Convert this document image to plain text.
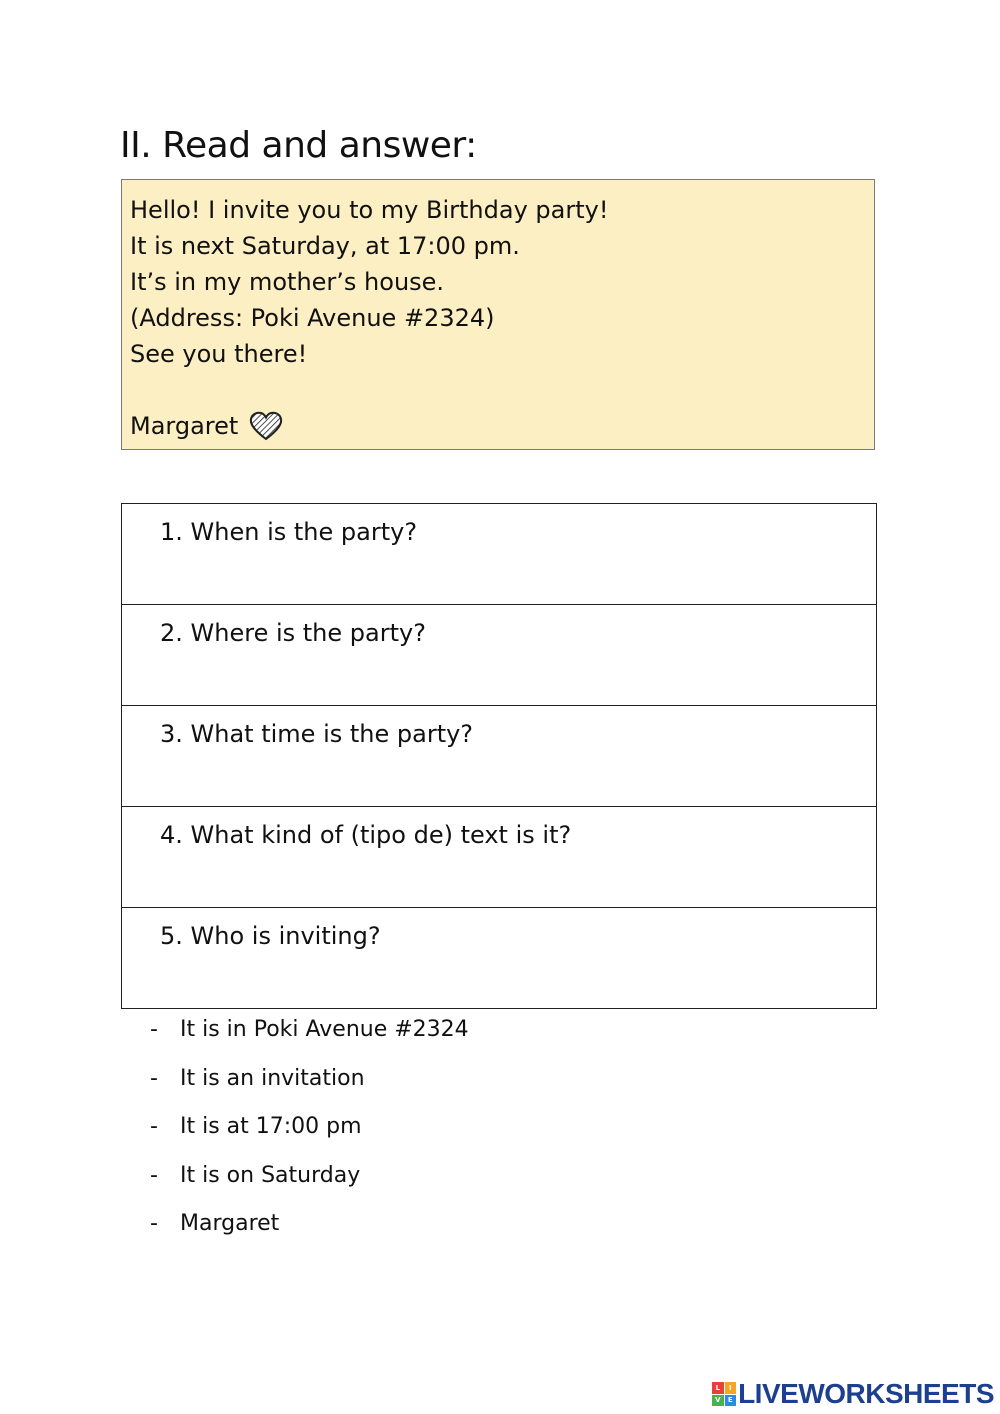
II. Read and answer:
Hello! I invite you to my Birthday party!
It is next Saturday, at 17:00 pm.
It’s in my mother’s house.
(Address: Poki Avenue #2324)
See you there!
Margaret
1. When is the party?
2. Where is the party?
3. What time is the party?
4. What kind of (tipo de) text is it?
5. Who is inviting?
-	It is in Poki Avenue #2324
-	It is an invitation
-	It is at 17:00 pm
-	It is on Saturday
-	Margaret
L	I
V	E LIVEWORKSHEETS
